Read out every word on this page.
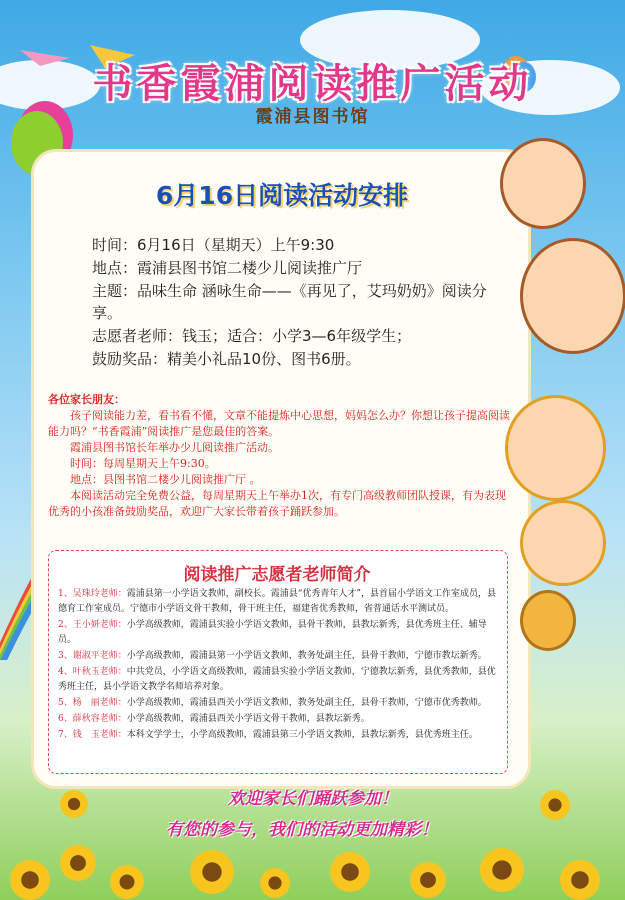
书香霞浦阅读推广活动
霞浦县图书馆
6月16日阅读活动安排

时间：6月16日（星期天）上午9:30

地点：霞浦县图书馆二楼少儿阅读推广厅

主题：品味生命 涵咏生命——《再见了，艾玛奶奶》阅读分享。

志愿者老师：钱玉；适合：小学3—6年级学生；

鼓励奖品：精美小礼品10份、图书6册。

各位家长朋友：

孩子阅读能力差，看书看不懂，文章不能提炼中心思想，妈妈怎么办？你想让孩子提高阅读能力吗？“书香霞浦”阅读推广是您最佳的答案。

霞浦县图书馆长年举办少儿阅读推广活动。

时间：每周星期天上午9:30。

地点：县图书馆二楼少儿阅读推广厅 。

本阅读活动完全免费公益，每周星期天上午举办1次，有专门高级教师团队授课，有为表现优秀的小孩准备鼓励奖品，欢迎广大家长带着孩子踊跃参加。

阅读推广志愿者老师简介

1、吴珠玲老师：霞浦县第一小学语文教师，副校长。霞浦县“优秀青年人才”，县首届小学语文工作室成员，县德育工作室成员。宁德市小学语文骨干教师，骨干班主任，福建省优秀教师，省普通话水平测试员。

2、王小妍老师：小学高级教师，霞浦县实验小学语文教师，县骨干教师，县教坛新秀，县优秀班主任、辅导员。

3、谢淑平老师：小学高级教师，霞浦县第一小学语文教师，教务处副主任，县骨干教师，宁德市教坛新秀。

4、叶秋玉老师：中共党员，小学语文高级教师，霞浦县实验小学语文教师，宁德教坛新秀，县优秀教师，县优秀班主任，县小学语文教学名师培养对象。

5、杨　丽老师：小学高级教师，霞浦县西关小学语文教师，教务处副主任，县骨干教师，宁德市优秀教师。

6、薛秋容老师：小学高级教师，霞浦县西关小学语文骨干教师，县教坛新秀。

7、钱　玉老师：本科文学学士，小学高级教师，霞浦县第三小学语文教师，县教坛新秀，县优秀班主任。

欢迎家长们踊跃参加！
有您的参与，我们的活动更加精彩！
